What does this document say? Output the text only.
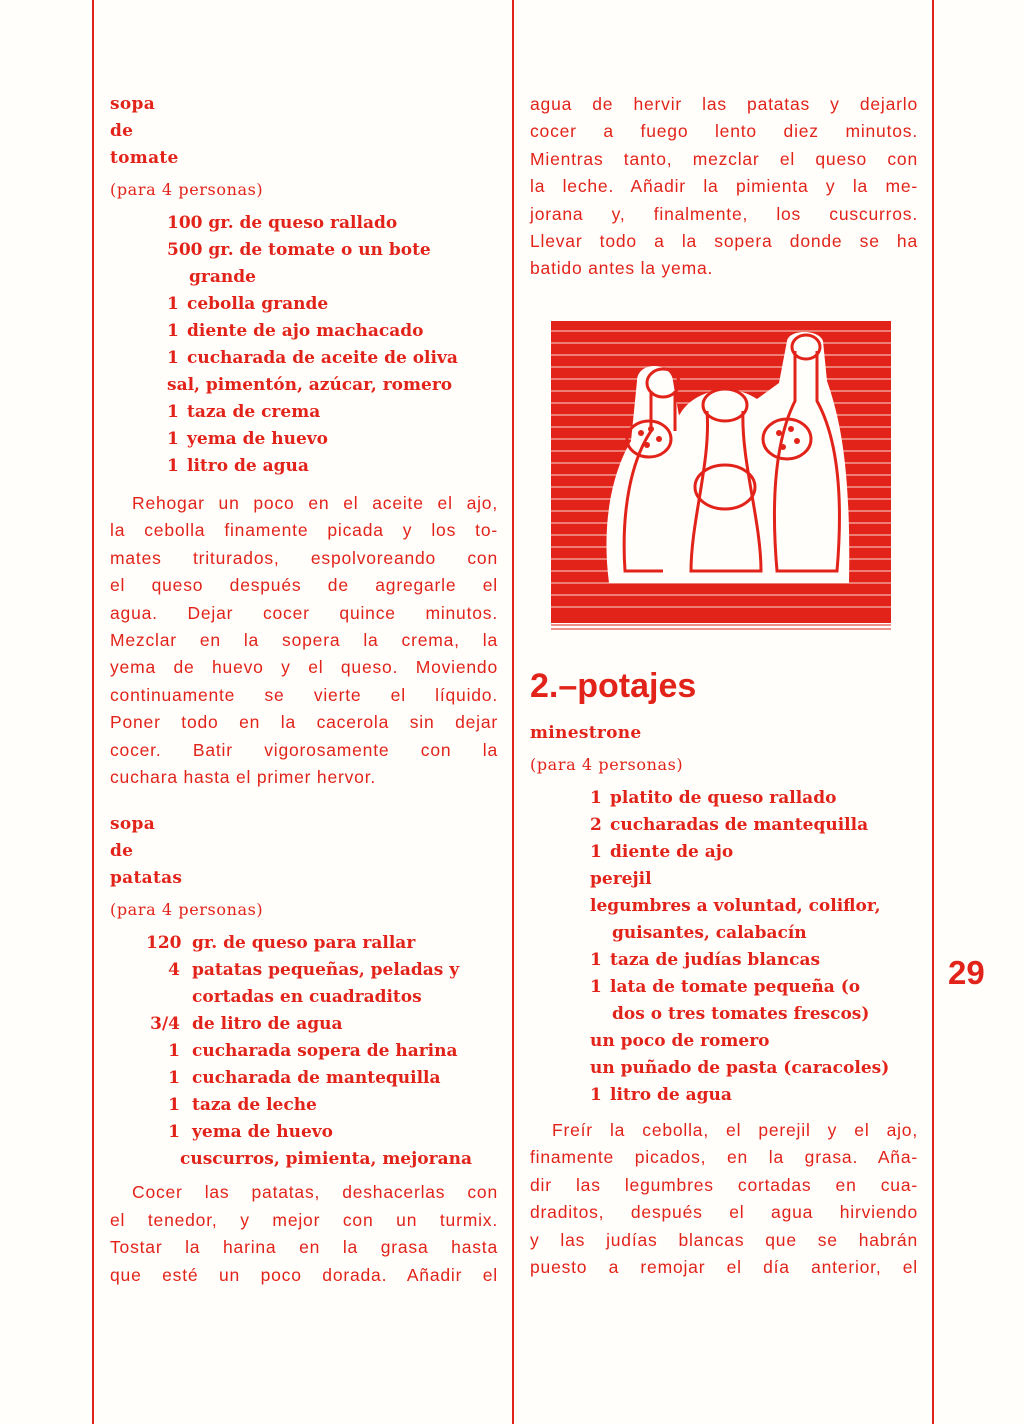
sopa
de
tomate
(para 4 personas)
100 gr. de queso rallado
500 gr. de tomate o un bote
grande
1 cebolla grande
1 diente de ajo machacado
1 cucharada de aceite de oliva
sal, pimentón, azúcar, romero
1 taza de crema
1 yema de huevo
1 litro de agua
Rehogar un poco en el aceite el ajo,
la cebolla finamente picada y los to-
mates triturados, espolvoreando con
el queso después de agregarle el
agua. Dejar cocer quince minutos.
Mezclar en la sopera la crema, la
yema de huevo y el queso. Moviendo
continuamente se vierte el líquido.
Poner todo en la cacerola sin dejar
cocer. Batir vigorosamente con la
cuchara hasta el primer hervor.
sopa
de
patatas
(para 4 personas)
120 gr. de queso para rallar
4 patatas pequeñas, peladas y
cortadas en cuadraditos
3/4 de litro de agua
1 cucharada sopera de harina
1 cucharada de mantequilla
1 taza de leche
1 yema de huevo
cuscurros, pimienta, mejorana
Cocer las patatas, deshacerlas con
el tenedor, y mejor con un turmix.
Tostar la harina en la grasa hasta
que esté un poco dorada. Añadir el
agua de hervir las patatas y dejarlo
cocer a fuego lento diez minutos.
Mientras tanto, mezclar el queso con
la leche. Añadir la pimienta y la me-
jorana y, finalmente, los cuscurros.
Llevar todo a la sopera donde se ha
batido antes la yema.
2.–potajes
minestrone
(para 4 personas)
1 platito de queso rallado
2 cucharadas de mantequilla
1 diente de ajo
perejil
legumbres a voluntad, coliflor,
guisantes, calabacín
1 taza de judías blancas
1 lata de tomate pequeña (o
dos o tres tomates frescos)
un poco de romero
un puñado de pasta (caracoles)
1 litro de agua
Freír la cebolla, el perejil y el ajo,
finamente picados, en la grasa. Aña-
dir las legumbres cortadas en cua-
draditos, después el agua hirviendo
y las judías blancas que se habrán
puesto a remojar el día anterior, el
29
